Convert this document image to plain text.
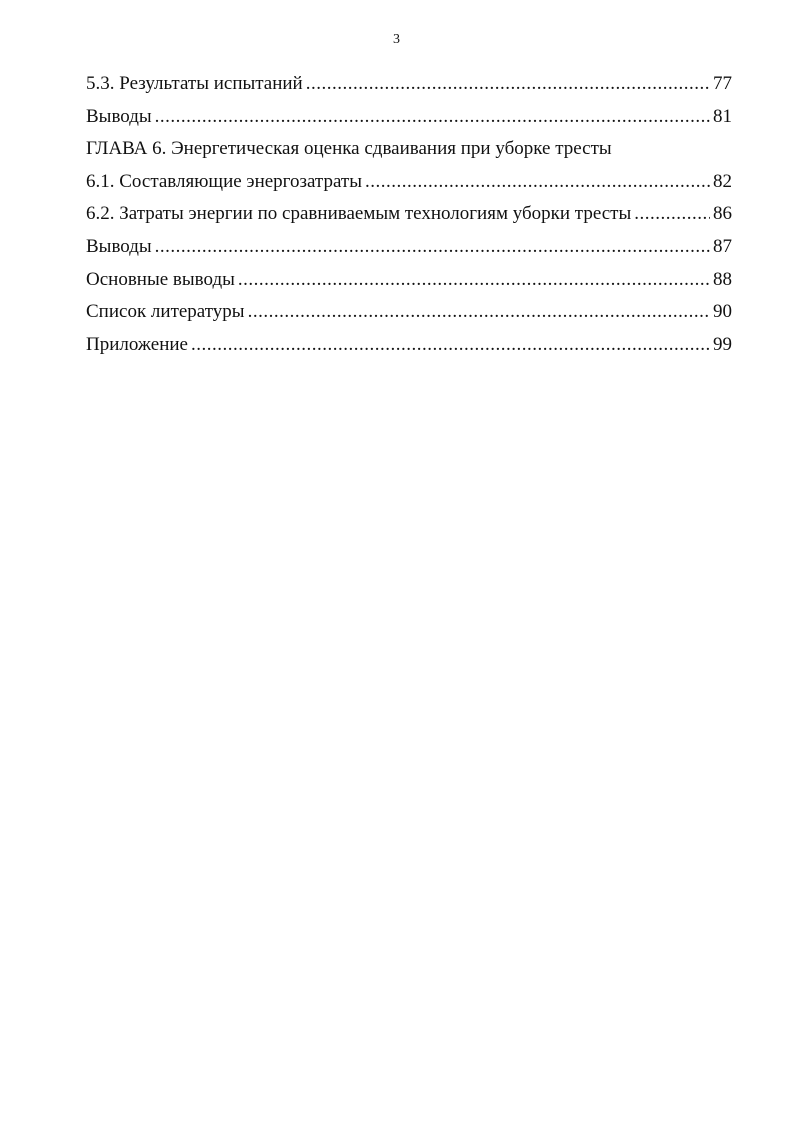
3
5.3. Результаты испытаний .....	77
Выводы .....	81
ГЛАВА 6. Энергетическая оценка сдваивания при уборке тресты
6.1. Составляющие энергозатраты .....	82
6.2. Затраты энергии по сравниваемым технологиям уборки тресты .....	86
Выводы .....	87
Основные выводы .....	88
Список литературы .....	90
Приложение .....	99
